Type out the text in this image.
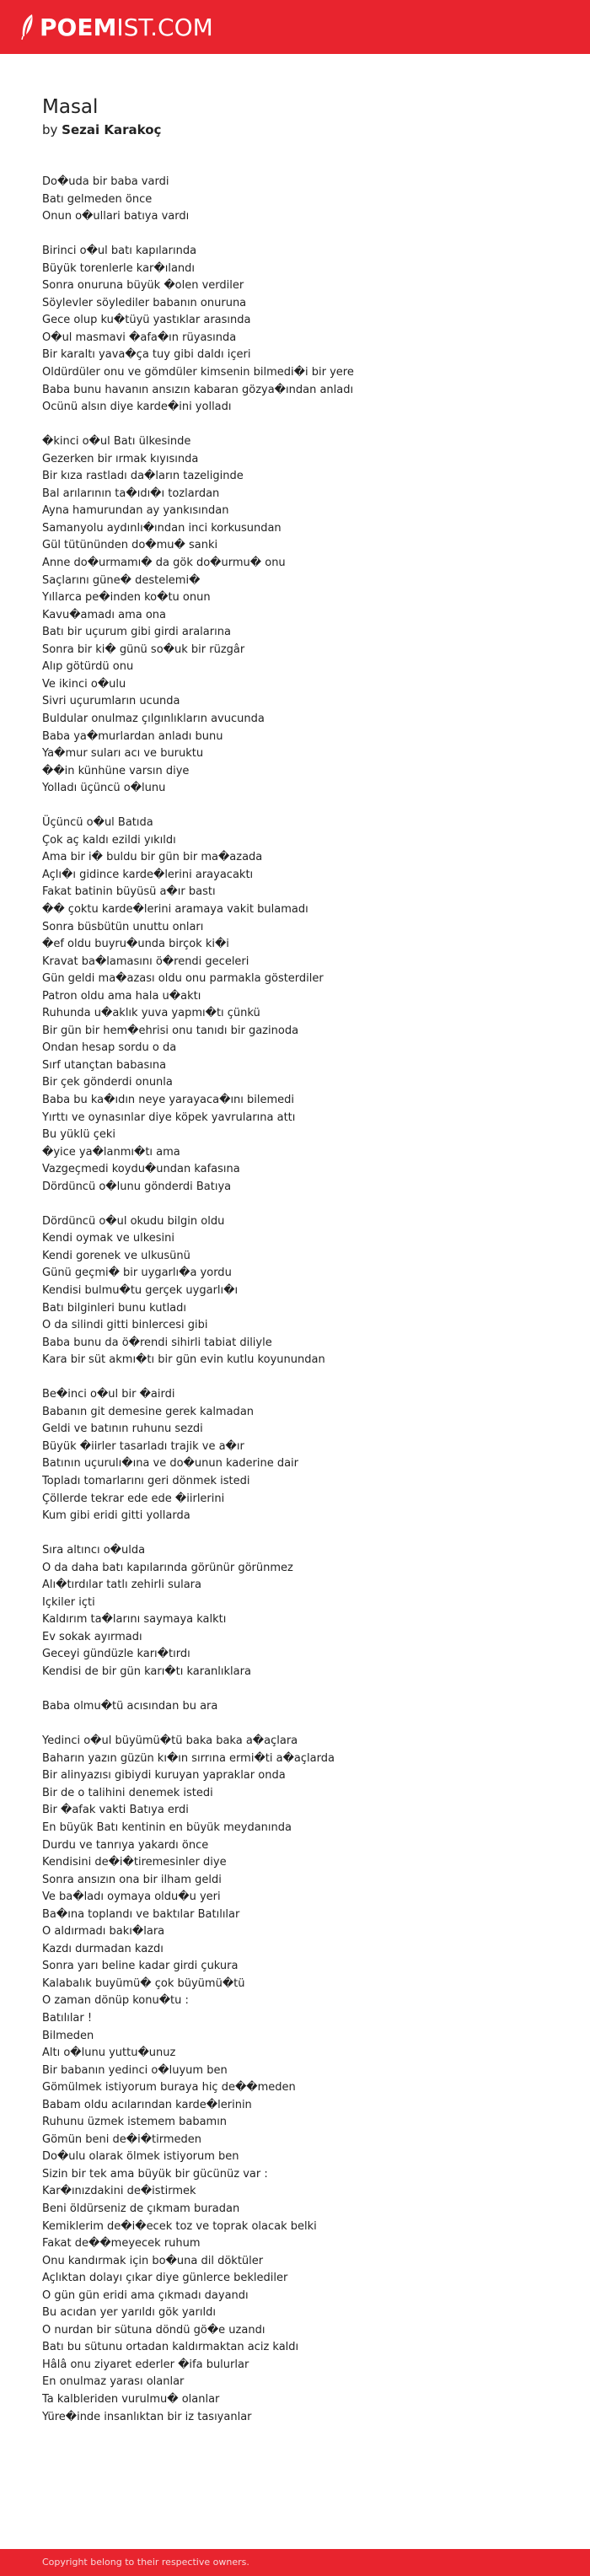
POEM IST.COM
Masal
by Sezai Karakoç
Do�uda bir baba vardi
Batı gelmeden önce
Onun o�ullari batıya vardı
Birinci o�ul batı kapılarında
Büyük torenlerle kar�ılandı
Sonra onuruna büyük �olen verdiler
Söylevler söylediler babanın onuruna
Gece olup ku�tüyü yastıklar arasında
O�ul masmavi �afa�ın rüyasında
Bir karaltı yava�ça tuy gibi daldı içeri
Oldürdüler onu ve gömdüler kimsenin bilmedi�i bir yere
Baba bunu havanın ansızın kabaran gözya�ından anladı
Ocünü alsın diye karde�ini yolladı
�kinci o�ul Batı ülkesinde
Gezerken bir ırmak kıyısında
Bir kıza rastladı da�ların tazeliginde
Bal arılarının ta�ıdı�ı tozlardan
Ayna hamurundan ay yankısından
Samanyolu aydınlı�ından inci korkusundan
Gül tütününden do�mu� sanki
Anne do�urmamı� da gök do�urmu� onu
Saçlarını güne� destelemi�
Yıllarca pe�inden ko�tu onun
Kavu�amadı ama ona
Batı bir uçurum gibi girdi aralarına
Sonra bir ki� günü so�uk bir rüzgâr
Alıp götürdü onu
Ve ikinci o�ulu
Sivri uçurumların ucunda
Buldular onulmaz çılgınlıkların avucunda
Baba ya�murlardan anladı bunu
Ya�mur suları acı ve buruktu
��in künhüne varsın diye
Yolladı üçüncü o�lunu
Üçüncü o�ul Batıda
Çok aç kaldı ezildi yıkıldı
Ama bir i� buldu bir gün bir ma�azada
Açlı�ı gidince karde�lerini arayacaktı
Fakat batinin büyüsü a�ır bastı
�� çoktu karde�lerini aramaya vakit bulamadı
Sonra büsbütün unuttu onları
�ef oldu buyru�unda birçok ki�i
Kravat ba�lamasını ö�rendi geceleri
Gün geldi ma�azası oldu onu parmakla gösterdiler
Patron oldu ama hala u�aktı
Ruhunda u�aklık yuva yapmı�tı çünkü
Bir gün bir hem�ehrisi onu tanıdı bir gazinoda
Ondan hesap sordu o da
Sırf utançtan babasına
Bir çek gönderdi onunla
Baba bu ka�ıdın neye yarayaca�ını bilemedi
Yırttı ve oynasınlar diye köpek yavrularına attı
Bu yüklü çeki
�yice ya�lanmı�tı ama
Vazgeçmedi koydu�undan kafasına
Dördüncü o�lunu gönderdi Batıya
Dördüncü o�ul okudu bilgin oldu
Kendi oymak ve ulkesini
Kendi gorenek ve ulkusünü
Günü geçmi� bir uygarlı�a yordu
Kendisi bulmu�tu gerçek uygarlı�ı
Batı bilginleri bunu kutladı
O da silindi gitti binlercesi gibi
Baba bunu da ö�rendi sihirli tabiat diliyle
Kara bir süt akmı�tı bir gün evin kutlu koyunundan
Be�inci o�ul bir �airdi
Babanın git demesine gerek kalmadan
Geldi ve batının ruhunu sezdi
Büyük �iirler tasarladı trajik ve a�ır
Batının uçurulı�ına ve do�unun kaderine dair
Topladı tomarlarını geri dönmek istedi
Çöllerde tekrar ede ede �iirlerini
Kum gibi eridi gitti yollarda
Sıra altıncı o�ulda
O da daha batı kapılarında görünür görünmez
Alı�tırdılar tatlı zehirli sulara
Içkiler içti
Kaldırım ta�larını saymaya kalktı
Ev sokak ayırmadı
Geceyi gündüzle karı�tırdı
Kendisi de bir gün karı�tı karanlıklara
Baba olmu�tü acısından bu ara
Yedinci o�ul büyümü�tü baka baka a�açlara
Baharın yazın güzün kı�ın sırrına ermi�ti a�açlarda
Bir alinyazısı gibiydi kuruyan yapraklar onda
Bir de o talihini denemek istedi
Bir �afak vakti Batıya erdi
En büyük Batı kentinin en büyük meydanında
Durdu ve tanrıya yakardı önce
Kendisini de�i�tiremesinler diye
Sonra ansızın ona bir ilham geldi
Ve ba�ladı oymaya oldu�u yeri
Ba�ına toplandı ve baktılar Batılılar
O aldırmadı bakı�lara
Kazdı durmadan kazdı
Sonra yarı beline kadar girdi çukura
Kalabalık buyümü� çok büyümü�tü
O zaman dönüp konu�tu :
Batılılar !
Bilmeden
Altı o�lunu yuttu�unuz
Bir babanın yedinci o�luyum ben
Gömülmek istiyorum buraya hiç de��meden
Babam oldu acılarından karde�lerinin
Ruhunu üzmek istemem babamın
Gömün beni de�i�tirmeden
Do�ulu olarak ölmek istiyorum ben
Sizin bir tek ama büyük bir gücünüz var :
Kar�ınızdakini de�istirmek
Beni öldürseniz de çıkmam buradan
Kemiklerim de�i�ecek toz ve toprak olacak belki
Fakat de��meyecek ruhum
Onu kandırmak için bo�una dil döktüler
Açlıktan dolayı çıkar diye günlerce beklediler
O gün gün eridi ama çıkmadı dayandı
Bu acıdan yer yarıldı gök yarıldı
O nurdan bir sütuna döndü gö�e uzandı
Batı bu sütunu ortadan kaldırmaktan aciz kaldı
Hâlâ onu ziyaret ederler �ifa bulurlar
En onulmaz yarası olanlar
Ta kalbleriden vurulmu� olanlar
Yüre�inde insanlıktan bir iz tasıyanlar
Copyright belong to their respective owners.
